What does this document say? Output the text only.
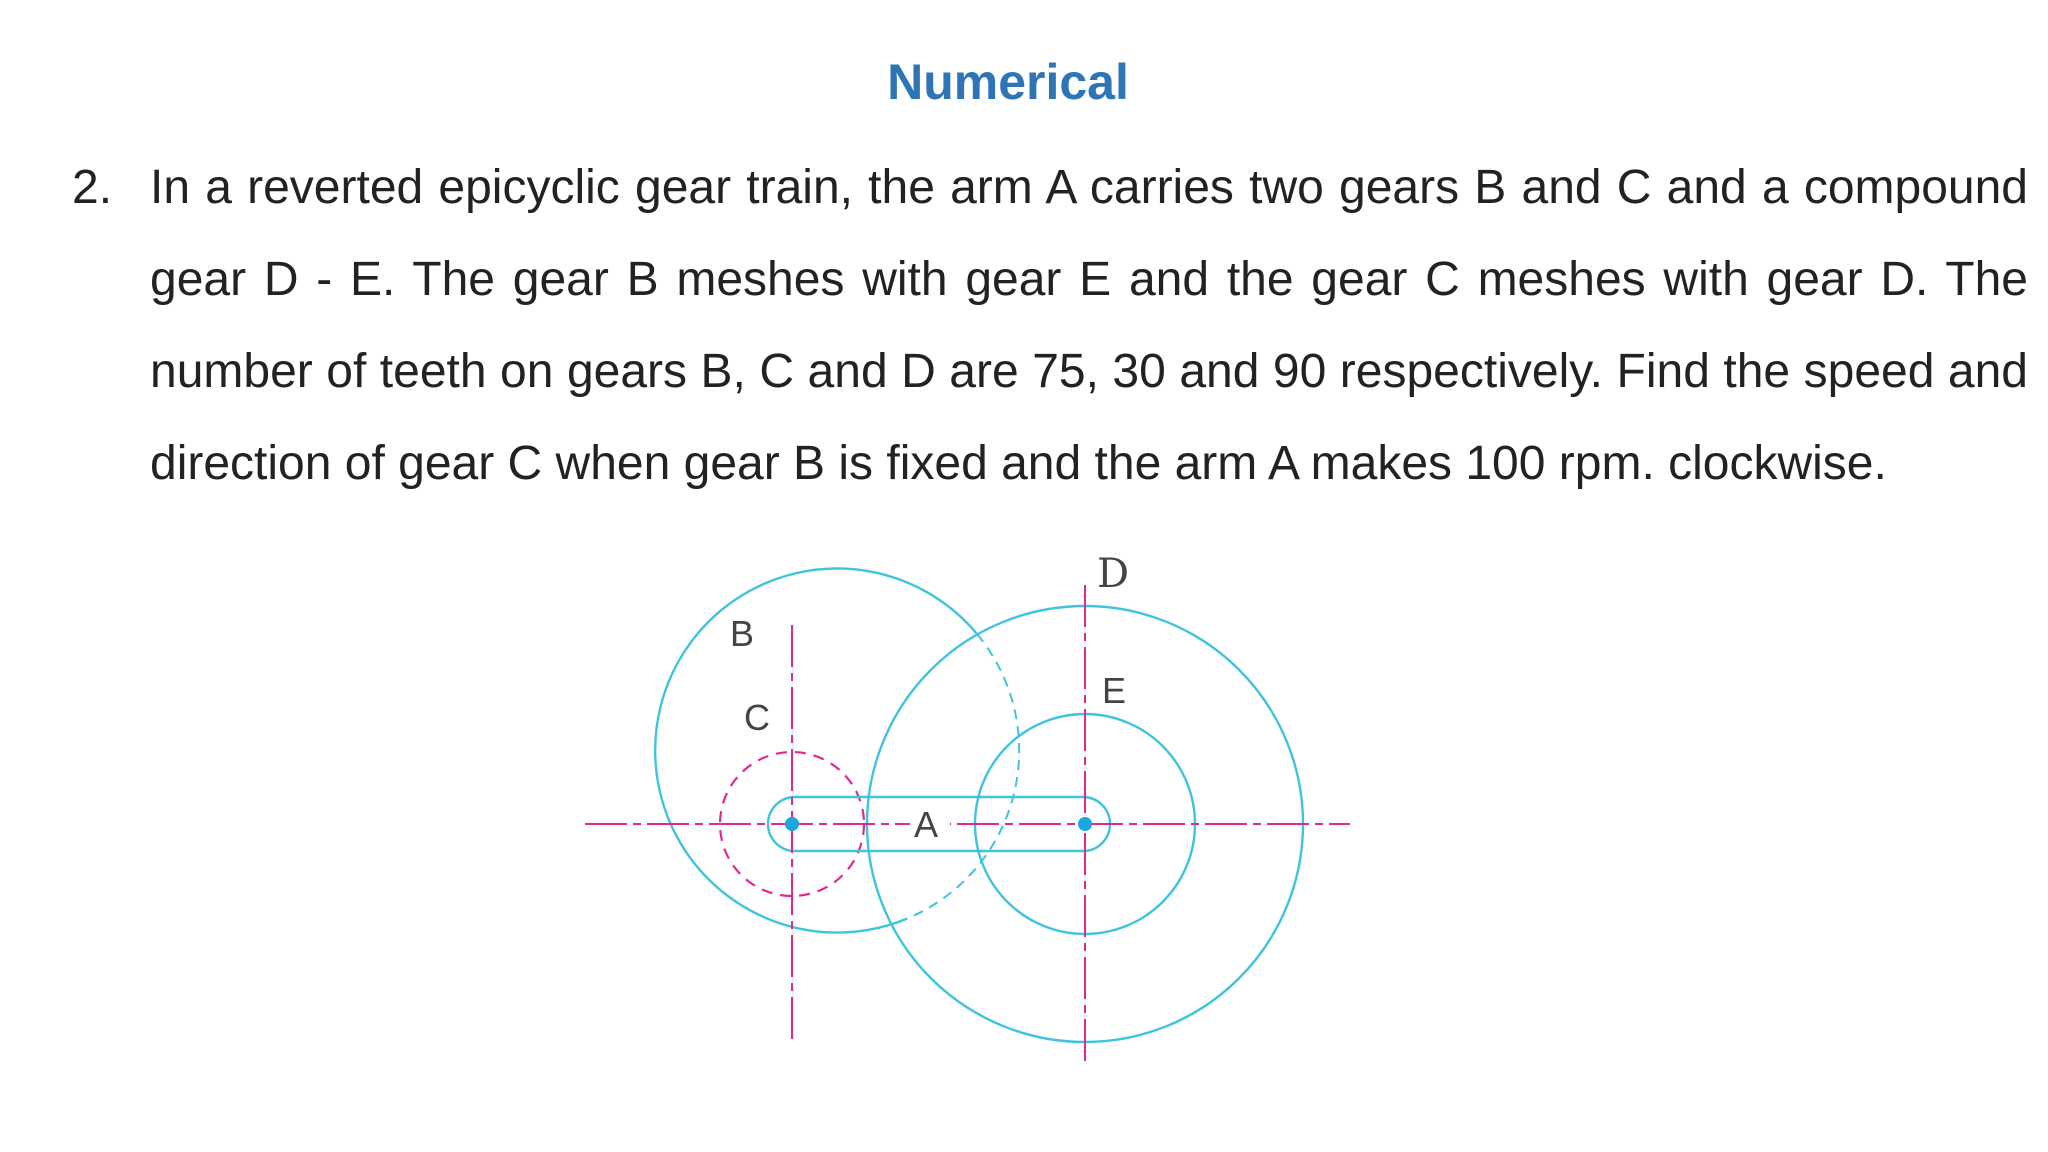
Numerical
2. In a reverted epicyclic gear train, the arm A carries two gears B and C and a compound gear D - E. The gear B meshes with gear E and the gear C meshes with gear D. The number of teeth on gears B, C and D are 75, 30 and 90 respectively. Find the speed and direction of gear C when gear B is fixed and the arm A makes 100 rpm. clockwise.
D
B
E
C
A
